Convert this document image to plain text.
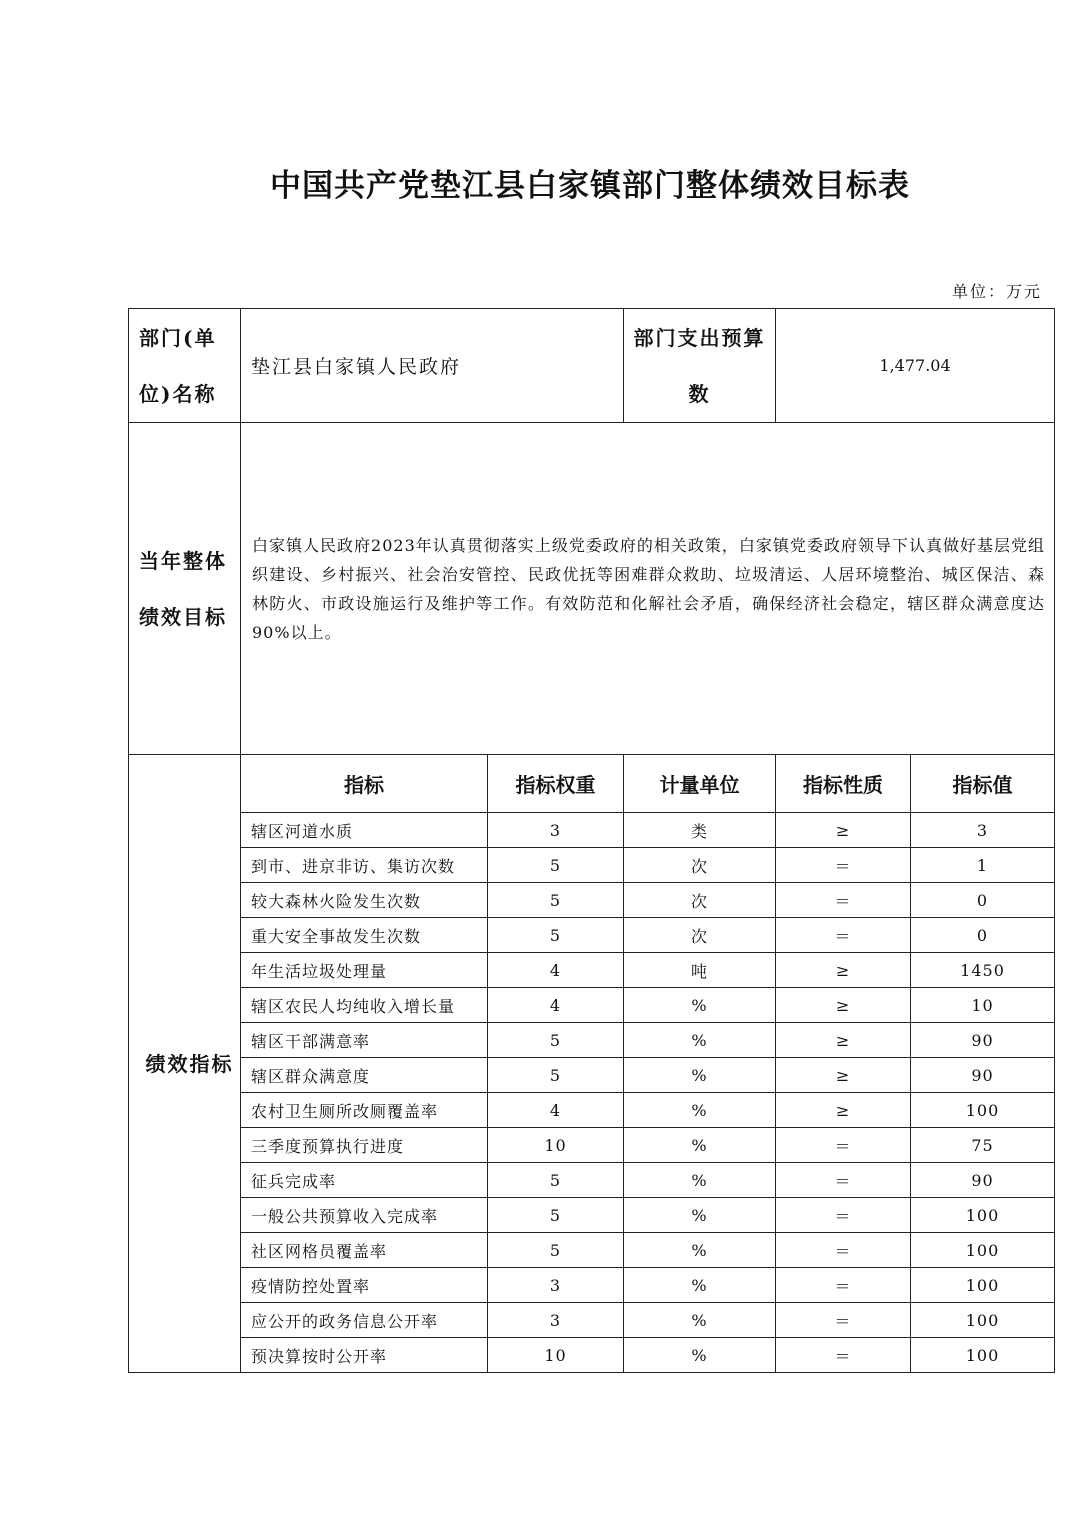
中国共产党垫江县白家镇部门整体绩效目标表
单位：万元
部门(单位)名称	垫江县白家镇人民政府		部门支出预算数	1,477.04	
当年整体绩效目标	白家镇人民政府2023年认真贯彻落实上级党委政府的相关政策，白家镇党委政府领导下认真做好基层党组织建设、乡村振兴、社会治安管控、民政优抚等困难群众救助、垃圾清运、人居环境整治、城区保洁、森林防火、市政设施运行及维护等工作。有效防范和化解社会矛盾，确保经济社会稳定，辖区群众满意度达90%以上。				
绩效指标	指标	指标权重	计量单位	指标性质	指标值
	辖区河道水质	3	类	≥	3
	到市、进京非访、集访次数	5	次	＝	1
	较大森林火险发生次数	5	次	＝	0
	重大安全事故发生次数	5	次	＝	0
	年生活垃圾处理量	4	吨	≥	1450
	辖区农民人均纯收入增长量	4	%	≥	10
	辖区干部满意率	5	%	≥	90
	辖区群众满意度	5	%	≥	90
	农村卫生厕所改厕覆盖率	4	%	≥	100
	三季度预算执行进度	10	%	＝	75
	征兵完成率	5	%	＝	90
	一般公共预算收入完成率	5	%	＝	100
	社区网格员覆盖率	5	%	＝	100
	疫情防控处置率	3	%	＝	100
	应公开的政务信息公开率	3	%	＝	100
	预决算按时公开率	10	%	＝	100
